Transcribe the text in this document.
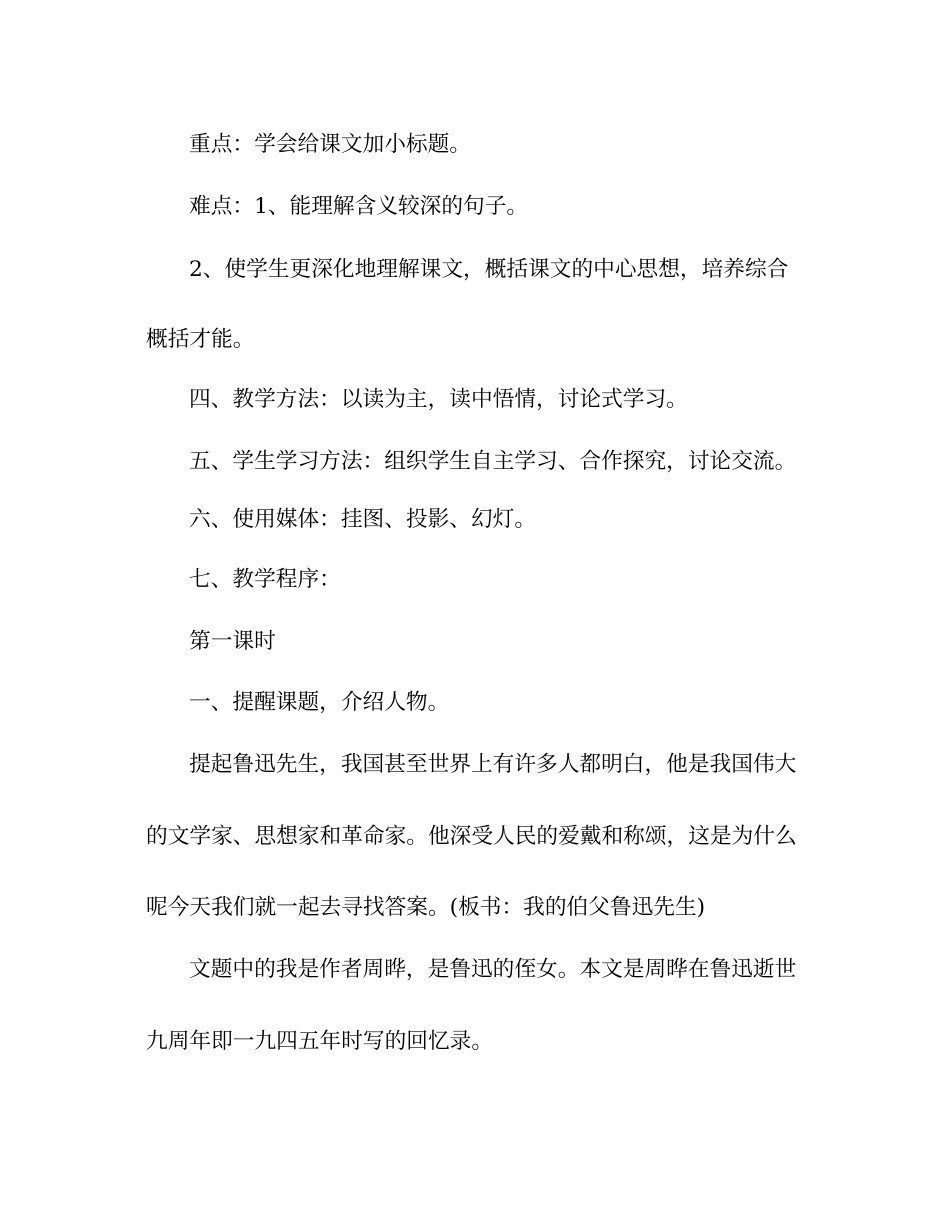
重点：学会给课文加小标题。
难点：1、能理解含义较深的句子。
2、使学生更深化地理解课文，概括课文的中心思想，培养综合
概括才能。
四、教学方法：以读为主，读中悟情，讨论式学习。
五、学生学习方法：组织学生自主学习、合作探究，讨论交流。
六、使用媒体：挂图、投影、幻灯。
七、教学程序：
第一课时
一、提醒课题，介绍人物。
提起鲁迅先生，我国甚至世界上有许多人都明白，他是我国伟大
的文学家、思想家和革命家。他深受人民的爱戴和称颂，这是为什么
呢今天我们就一起去寻找答案。(板书：我的伯父鲁迅先生)
文题中的我是作者周晔，是鲁迅的侄女。本文是周晔在鲁迅逝世
九周年即一九四五年时写的回忆录。
